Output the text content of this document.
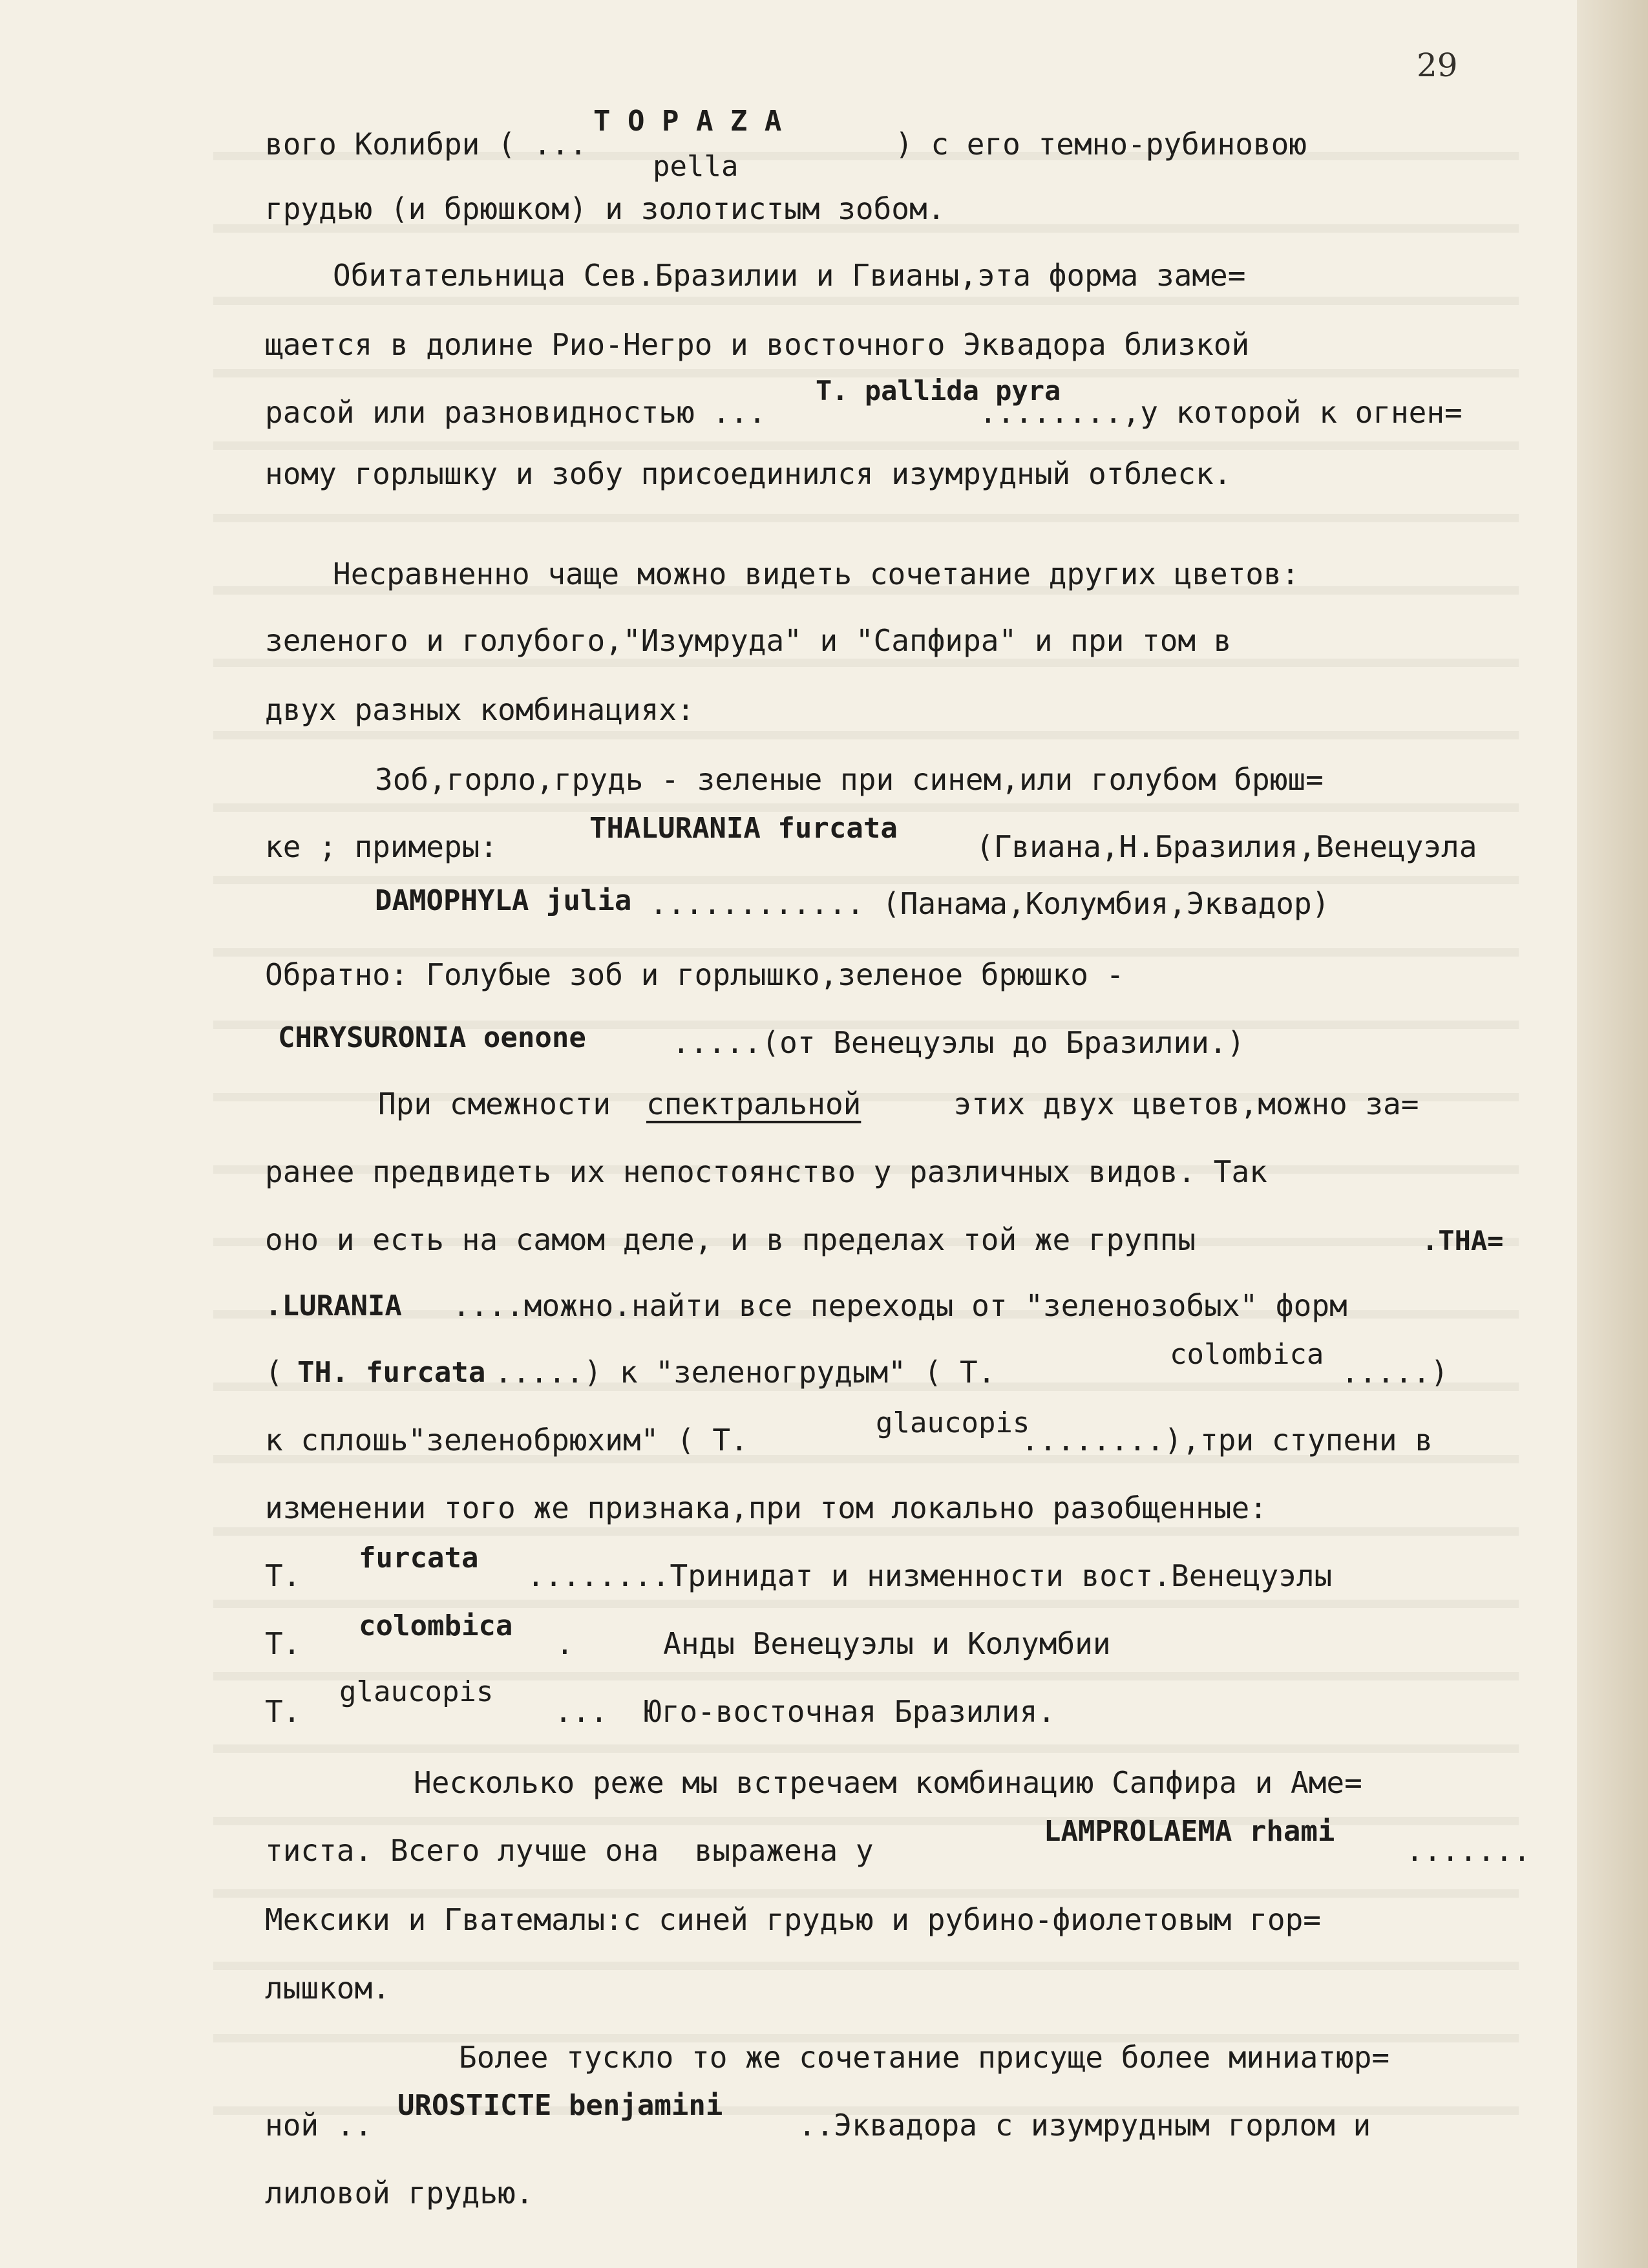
29
T O P A Z A
pella
вого Колибри ( ...	) с его темно-рубиновою
грудью (и брюшком) и золотистым зобом.
Обитательница Сев.Бразилии и Гвианы,эта форма заме=
щается в долине Рио-Негро и восточного Эквадора близкой
расой или разновидностью ...
T. pallida pyra
........,у которой к огнен=
ному горлышку и зобу присоединился изумрудный отблеск.
Несравненно чаще можно видеть сочетание других цветов:
зеленого и голубого,"Изумруда" и "Сапфира" и при том в
двух разных комбинациях:
Зоб,горло,грудь - зеленые при синем,или голубом брюш=
ке ; примеры:
THALURANIA furcata
(Гвиана,Н.Бразилия,Венецуэла
DAMOPHYLA julia ............ (Панама,Колумбия,Эквадор)
Обратно: Голубые зоб и горлышко,зеленое брюшко -
CHRYSURONIA oenone	.....(от Венецуэлы до Бразилии.)
При смежности спектральной этих двух цветов,можно за=
ранее предвидеть их непостоянство у различных видов. Так
оно и есть на самом деле, и в пределах той же группы	.THA=
.LURANIA ....можно.найти все переходы от "зеленозобых" форм
(
TH. furcata .....) к "зеленогрудым" ( T.
colombica
.....)
к сплошь"зеленобрюхим" ( T.	glaucopis
........),три ступени в
изменении того же признака,при том локально разобщенные:
T.
furcata
........Тринидат и низменности вост.Венецуэлы
T.
colombica
.     Анды Венецуэлы и Колумбии
T.
glaucopis
...  Юго-восточная Бразилия.
Несколько реже мы встречаем комбинацию Сапфира и Аме=
тиста. Всего лучше она  выражена у
LAMPROLAEMA rhami
.......
Мексики и Гватемалы:с синей грудью и рубино-фиолетовым гор=
лышком.
Более тускло то же сочетание присуще более миниатюр=
ной ..
UROSTICTE benjamini
..Эквадора с изумрудным горлом и
лиловой грудью.
